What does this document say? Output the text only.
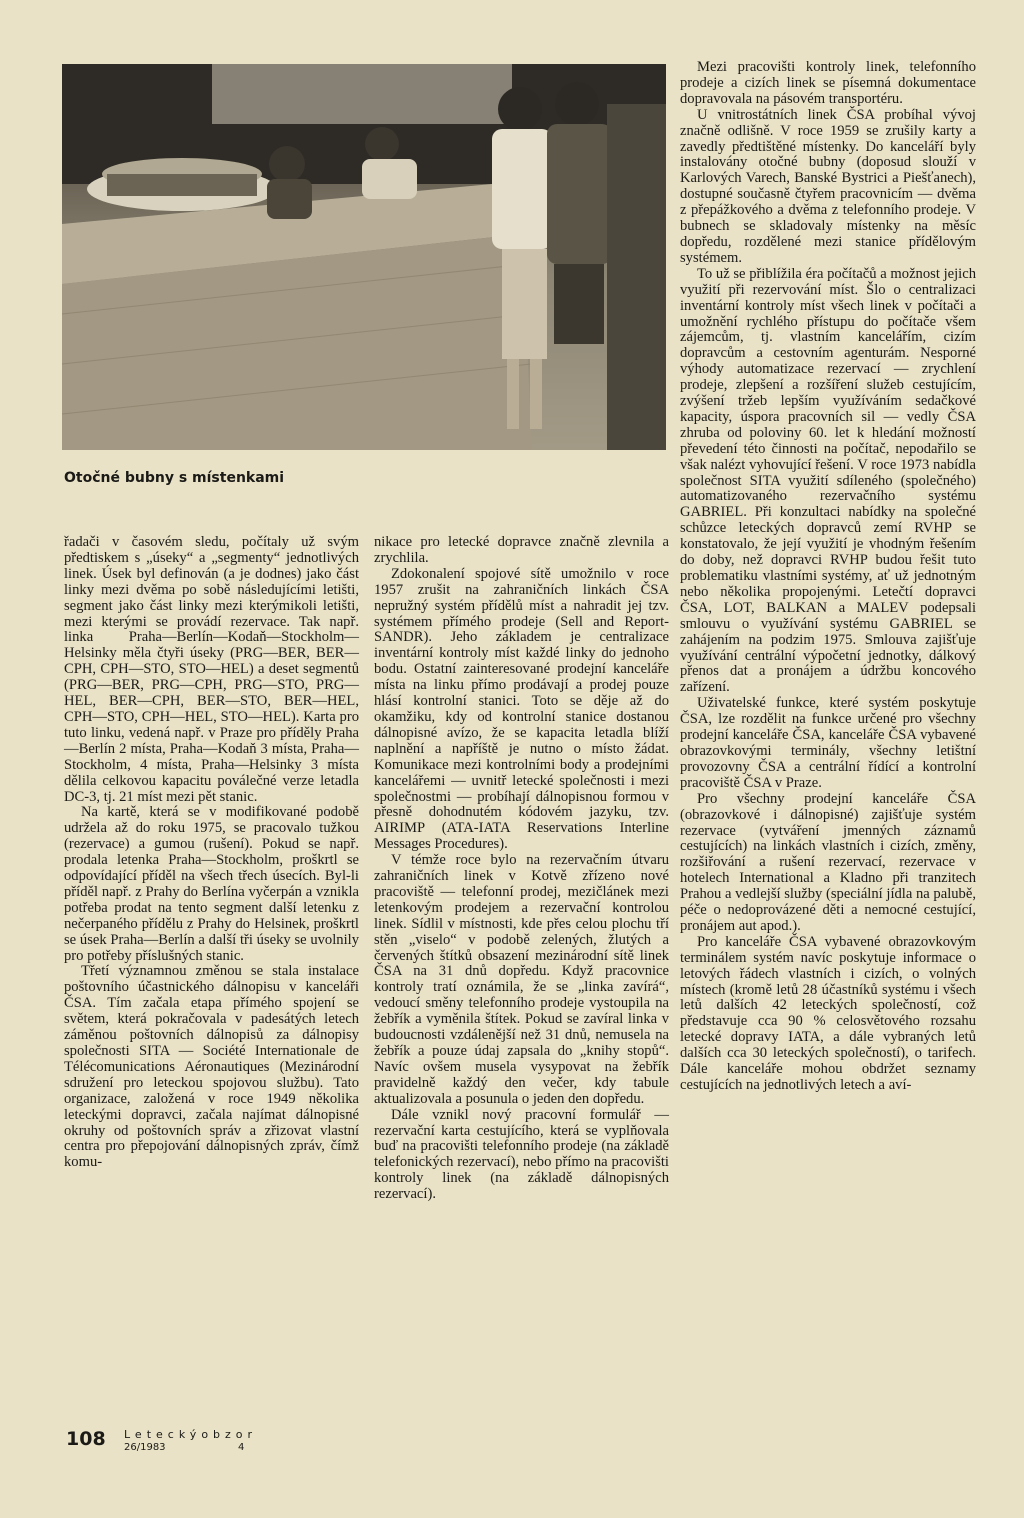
Otočné bubny s místenkami

řadači v časovém sledu, počítaly už svým předtiskem s „úseky“ a „segmenty“ jednotlivých linek. Úsek byl definován (a je dodnes) jako část linky mezi dvěma po sobě následujícími letišti, segment jako část linky mezi kterýmikoli letišti, mezi kterými se provádí rezervace. Tak např. linka Praha—Berlín—Kodaň—Stockholm—Helsinky měla čtyři úseky (PRG—BER, BER—CPH, CPH—STO, STO—HEL) a deset segmentů (PRG—BER, PRG—CPH, PRG—STO, PRG—HEL, BER—CPH, BER—STO, BER—HEL, CPH—STO, CPH—HEL, STO—HEL). Karta pro tuto linku, vedená např. v Praze pro příděly Praha—Berlín 2 místa, Praha—Kodaň 3 místa, Praha—Stockholm, 4 místa, Praha—Helsinky 3 místa dělila celkovou kapacitu poválečné verze letadla DC-3, tj. 21 míst mezi pět stanic.

Na kartě, která se v modifikované podobě udržela až do roku 1975, se pracovalo tužkou (rezervace) a gumou (rušení). Pokud se např. prodala letenka Praha—Stockholm, proškrtl se odpovídající příděl na všech třech úsecích. Byl-li příděl např. z Prahy do Berlína vyčerpán a vznikla potřeba prodat na tento segment další letenku z nečerpaného přídělu z Prahy do Helsinek, proškrtl se úsek Praha—Berlín a další tři úseky se uvolnily pro potřeby příslušných stanic.

Třetí významnou změnou se stala instalace poštovního účastnického dálnopisu v kanceláři ČSA. Tím začala etapa přímého spojení se světem, která pokračovala v padesátých letech záměnou poštovních dálnopisů za dálnopisy společnosti SITA — Société Internationale de Télécomunications Aéronautiques (Mezinárodní sdružení pro leteckou spojovou službu). Tato organizace, založená v roce 1949 několika leteckými dopravci, začala najímat dálnopisné okruhy od poštovních správ a zřizovat vlastní centra pro přepojování dálnopisných zpráv, čímž komu-

nikace pro letecké dopravce značně zlevnila a zrychlila.

Zdokonalení spojové sítě umožnilo v roce 1957 zrušit na zahraničních linkách ČSA nepružný systém přídělů míst a nahradit jej tzv. systémem přímého prodeje (Sell and Report-SANDR). Jeho základem je centralizace inventární kontroly míst každé linky do jednoho bodu. Ostatní zainteresované prodejní kanceláře místa na linku přímo prodávají a prodej pouze hlásí kontrolní stanici. Toto se děje až do okamžiku, kdy od kontrolní stanice dostanou dálnopisné avízo, že se kapacita letadla blíží naplnění a napříště je nutno o místo žádat. Komunikace mezi kontrolními body a prodejními kancelářemi — uvnitř letecké společnosti i mezi společnostmi — probíhají dálnopisnou formou v přesně dohodnutém kódovém jazyku, tzv. AIRIMP (ATA-IATA Reservations Interline Messages Procedures).

V témže roce bylo na rezervačním útvaru zahraničních linek v Kotvě zřízeno nové pracoviště — telefonní prodej, mezičlánek mezi letenkovým prodejem a rezervační kontrolou linek. Sídlil v místnosti, kde přes celou plochu tří stěn „viselo“ v podobě zelených, žlutých a červených štítků obsazení mezinárodní sítě linek ČSA na 31 dnů dopředu. Když pracovnice kontroly tratí oznámila, že se „linka zavírá“, vedoucí směny telefonního prodeje vystoupila na žebřík a vyměnila štítek. Pokud se zavíral linka v budoucnosti vzdálenější než 31 dnů, nemusela na žebřík a pouze údaj zapsala do „knihy stopů“. Navíc ovšem musela vysypovat na žebřík pravidelně každý den večer, kdy tabule aktualizovala a posunula o jeden den dopředu.

Dále vznikl nový pracovní formulář — rezervační karta cestujícího, která se vyplňovala buď na pracovišti telefonního prodeje (na základě telefonických rezervací), nebo přímo na pracovišti kontroly linek (na základě dálnopisných rezervací).

Mezi pracovišti kontroly linek, telefonního prodeje a cizích linek se písemná dokumentace dopravovala na pásovém transportéru.

U vnitrostátních linek ČSA probíhal vývoj značně odlišně. V roce 1959 se zrušily karty a zavedly předtištěné místenky. Do kanceláří byly instalovány otočné bubny (doposud slouží v Karlových Varech, Banské Bystrici a Piešťanech), dostupné současně čtyřem pracovnicím — dvěma z přepážkového a dvěma z telefonního prodeje. V bubnech se skladovaly místenky na měsíc dopředu, rozdělené mezi stanice přídělovým systémem.

To už se přiblížila éra počítačů a možnost jejich využití při rezervování míst. Šlo o centralizaci inventární kontroly míst všech linek v počítači a umožnění rychlého přístupu do počítače všem zájemcům, tj. vlastním kancelářím, cizím dopravcům a cestovním agenturám. Nesporné výhody automatizace rezervací — zrychlení prodeje, zlepšení a rozšíření služeb cestujícím, zvýšení tržeb lepším využíváním sedačkové kapacity, úspora pracovních sil — vedly ČSA zhruba od poloviny 60. let k hledání možností převedení této činnosti na počítač, nepodařilo se však nalézt vyhovující řešení. V roce 1973 nabídla společnost SITA využití sdíleného (společného) automatizovaného rezervačního systému GABRIEL. Při konzultaci nabídky na společné schůzce leteckých dopravců zemí RVHP se konstatovalo, že její využití je vhodným řešením do doby, než dopravci RVHP budou řešit tuto problematiku vlastními systémy, ať už jednotným nebo několika propojenými. Letečtí dopravci ČSA, LOT, BALKAN a MALEV podepsali smlouvu o využívání systému GABRIEL se zahájením na podzim 1975. Smlouva zajišťuje využívání centrální výpočetní jednotky, dálkový přenos dat a pronájem a údržbu koncového zařízení.

Uživatelské funkce, které systém poskytuje ČSA, lze rozdělit na funkce určené pro všechny prodejní kanceláře ČSA, kanceláře ČSA vybavené obrazovkovými terminály, všechny letištní provozovny ČSA a centrální řídící a kontrolní pracoviště ČSA v Praze.

Pro všechny prodejní kanceláře ČSA (obrazovkové i dálnopisné) zajišťuje systém rezervace (vytváření jmenných záznamů cestujících) na linkách vlastních i cizích, změny, rozšiřování a rušení rezervací, rezervace v hotelech International a Kladno při tranzitech Prahou a vedlejší služby (speciální jídla na palubě, péče o nedoprovázené děti a nemocné cestující, pronájem aut apod.).

Pro kanceláře ČSA vybavené obrazovkovým terminálem systém navíc poskytuje informace o letových řádech vlastních i cizích, o volných místech (kromě letů 28 účastníků systému i všech letů dalších 42 leteckých společností, což představuje cca 90 % celosvětového rozsahu letecké dopravy IATA, a dále vybraných letů dalších cca 30 leteckých společností), o tarifech. Dále kanceláře mohou obdržet seznamy cestujících na jednotlivých letech a aví-

108 Leteckýobzor
26/1983	4
